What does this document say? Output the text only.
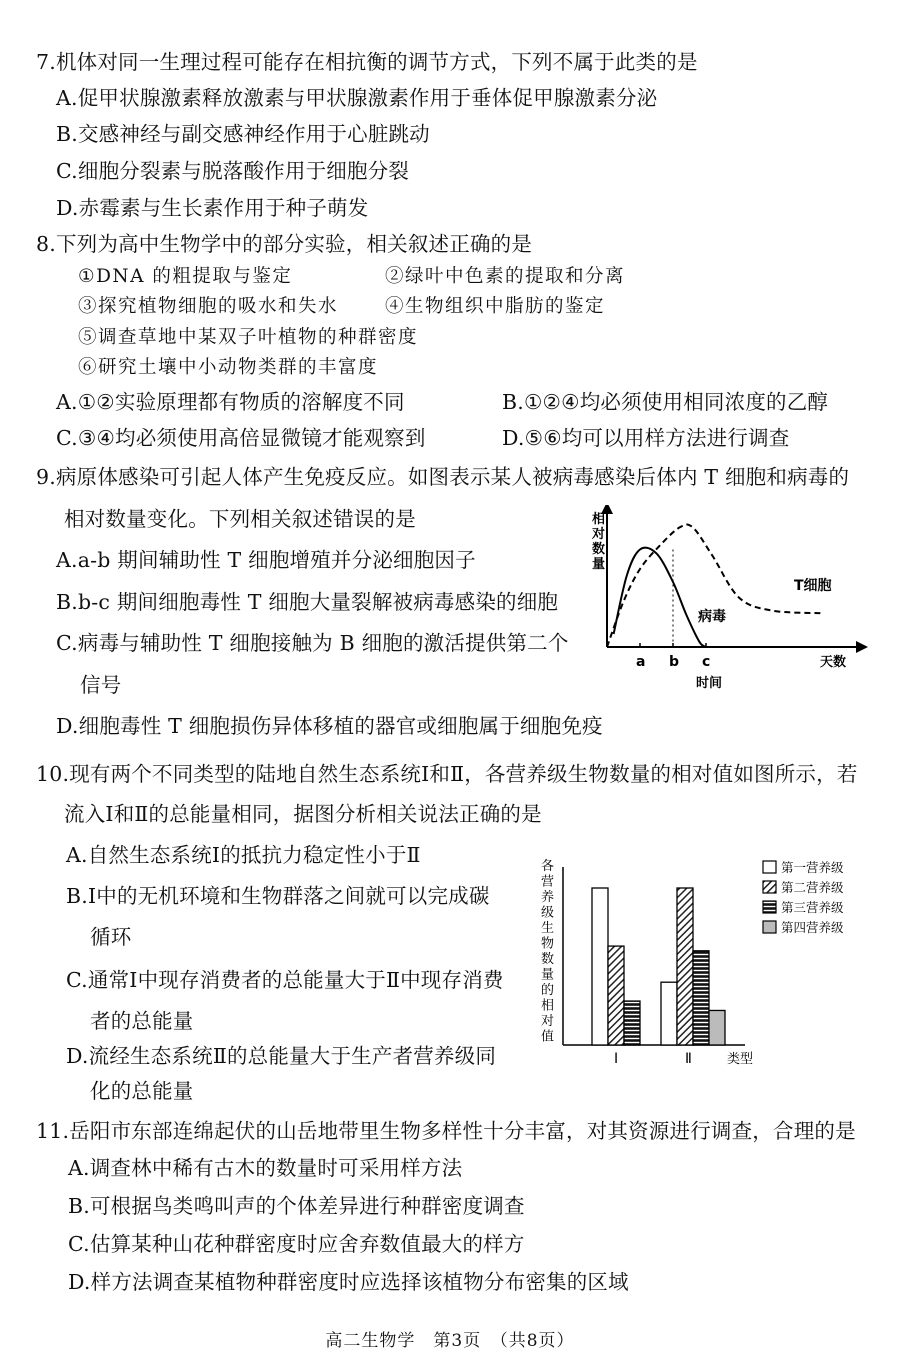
7.机体对同一生理过程可能存在相抗衡的调节方式，下列不属于此类的是
A.促甲状腺激素释放激素与甲状腺激素作用于垂体促甲腺激素分泌
B.交感神经与副交感神经作用于心脏跳动
C.细胞分裂素与脱落酸作用于细胞分裂
D.赤霉素与生长素作用于种子萌发
8.下列为高中生物学中的部分实验，相关叙述正确的是
①DNA 的粗提取与鉴定	②绿叶中色素的提取和分离
③探究植物细胞的吸水和失水	④生物组织中脂肪的鉴定
⑤调查草地中某双子叶植物的种群密度
⑥研究土壤中小动物类群的丰富度
A.①②实验原理都有物质的溶解度不同	B.①②④均必须使用相同浓度的乙醇
C.③④均必须使用高倍显微镜才能观察到	D.⑤⑥均可以用样方法进行调查
9.病原体感染可引起人体产生免疫反应。如图表示某人被病毒感染后体内 T 细胞和病毒的
相对数量变化。下列相关叙述错误的是
A.a-b 期间辅助性 T 细胞增殖并分泌细胞因子
B.b-c 期间细胞毒性 T 细胞大量裂解被病毒感染的细胞
C.病毒与辅助性 T 细胞接触为 B 细胞的激活提供第二个
信号
D.细胞毒性 T 细胞损伤异体移植的器官或细胞属于细胞免疫
相
对
数
量
a b c
T细胞
病毒
天数
时间
10.现有两个不同类型的陆地自然生态系统Ⅰ和Ⅱ，各营养级生物数量的相对值如图所示，若
流入Ⅰ和Ⅱ的总能量相同，据图分析相关说法正确的是
A.自然生态系统Ⅰ的抵抗力稳定性小于Ⅱ
B.Ⅰ中的无机环境和生物群落之间就可以完成碳
循环
C.通常Ⅰ中现存消费者的总能量大于Ⅱ中现存消费
者的总能量
D.流经生态系统Ⅱ的总能量大于生产者营养级同
化的总能量
各
营
养
级
生
物
数
量
的
相
对
值
Ⅰ	Ⅱ	类型
第一营养级
第二营养级
第三营养级
第四营养级
11.岳阳市东部连绵起伏的山岳地带里生物多样性十分丰富，对其资源进行调查，合理的是
A.调查林中稀有古木的数量时可采用样方法
B.可根据鸟类鸣叫声的个体差异进行种群密度调查
C.估算某种山花种群密度时应舍弃数值最大的样方
D.样方法调查某植物种群密度时应选择该植物分布密集的区域
高二生物学　第3页　（共8页）
